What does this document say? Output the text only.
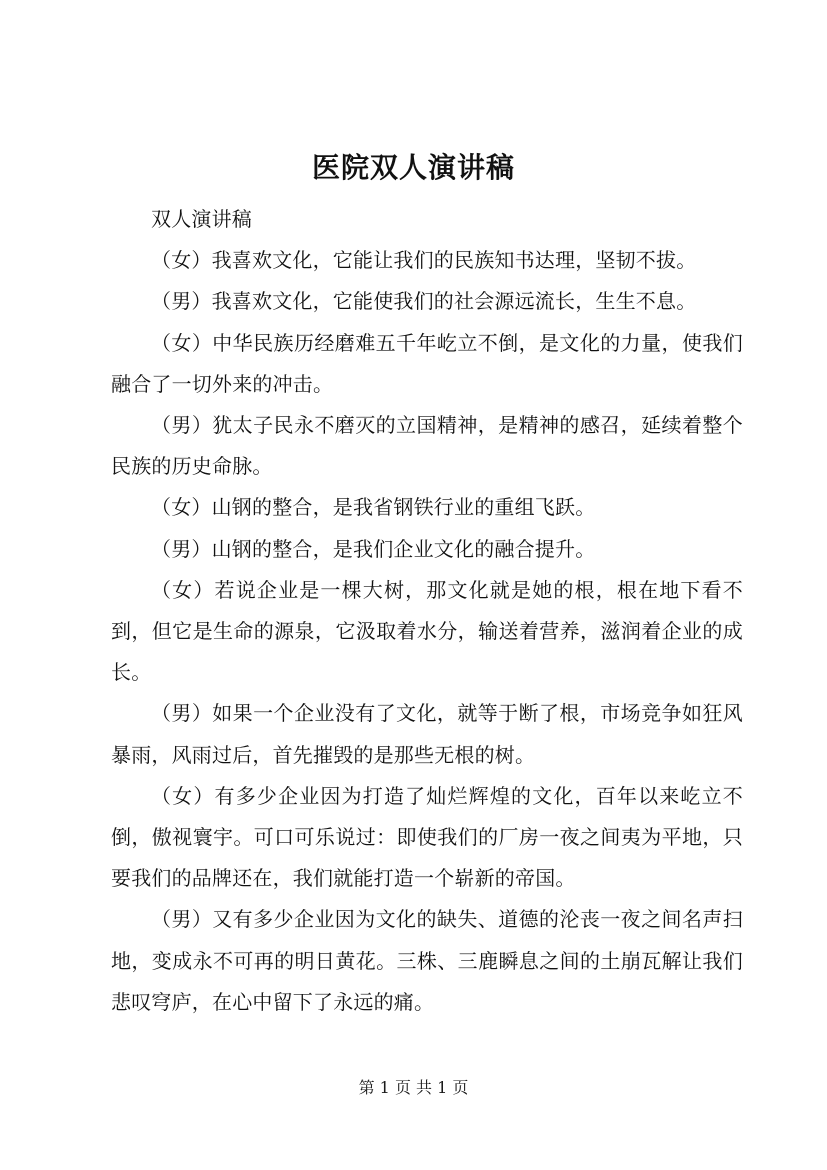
医院双人演讲稿

双人演讲稿

（女）我喜欢文化，它能让我们的民族知书达理，坚韧不拔。

（男）我喜欢文化，它能使我们的社会源远流长，生生不息。

（女）中华民族历经磨难五千年屹立不倒，是文化的力量，使我们融合了一切外来的冲击。

（男）犹太子民永不磨灭的立国精神，是精神的感召，延续着整个民族的历史命脉。

（女）山钢的整合，是我省钢铁行业的重组飞跃。

（男）山钢的整合，是我们企业文化的融合提升。

（女）若说企业是一棵大树，那文化就是她的根，根在地下看不到，但它是生命的源泉，它汲取着水分，输送着营养，滋润着企业的成长。

（男）如果一个企业没有了文化，就等于断了根，市场竞争如狂风暴雨，风雨过后，首先摧毁的是那些无根的树。

（女）有多少企业因为打造了灿烂辉煌的文化，百年以来屹立不倒，傲视寰宇。可口可乐说过：即使我们的厂房一夜之间夷为平地，只要我们的品牌还在，我们就能打造一个崭新的帝国。

（男）又有多少企业因为文化的缺失、道德的沦丧一夜之间名声扫地，变成永不可再的明日黄花。三株、三鹿瞬息之间的土崩瓦解让我们悲叹穹庐，在心中留下了永远的痛。

第 1 页 共 1 页
